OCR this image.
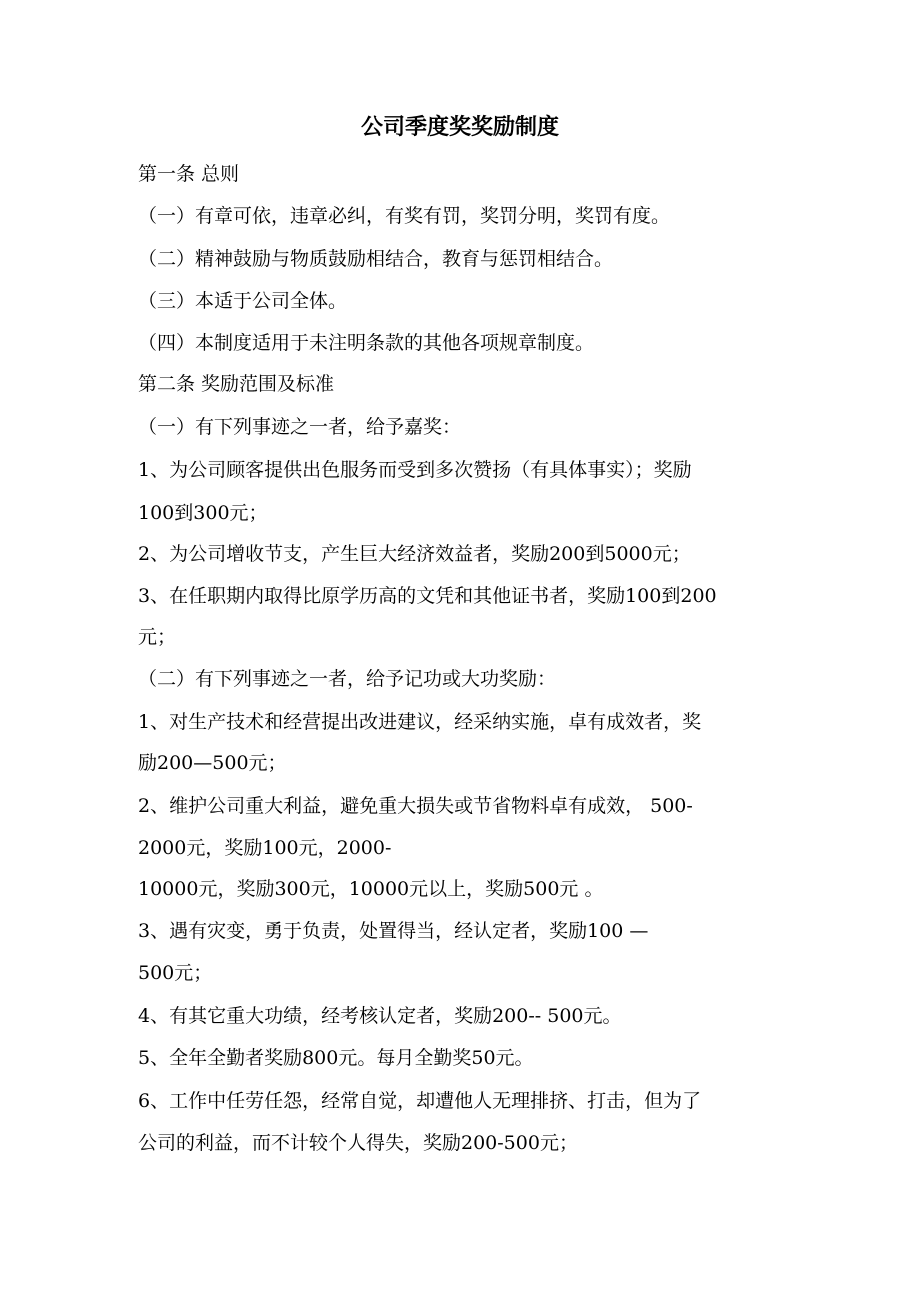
公司季度奖奖励制度
第一条 总则
（一）有章可依，违章必纠，有奖有罚，奖罚分明，奖罚有度。
（二）精神鼓励与物质鼓励相结合，教育与惩罚相结合。
（三）本适于公司全体。
（四）本制度适用于未注明条款的其他各项规章制度。
第二条 奖励范围及标准
（一）有下列事迹之一者，给予嘉奖：
1、为公司顾客提供出色服务而受到多次赞扬（有具体事实）；奖励
100到300元；
2、为公司增收节支，产生巨大经济效益者，奖励200到5000元；
3、在任职期内取得比原学历高的文凭和其他证书者，奖励100到200
元；
（二）有下列事迹之一者，给予记功或大功奖励：
1、对生产技术和经营提出改进建议，经采纳实施，卓有成效者，奖
励200—500元；
2、维护公司重大利益，避免重大损失或节省物料卓有成效， 500-
2000元，奖励100元，2000-
10000元，奖励300元，10000元以上，奖励500元 。
3、遇有灾变，勇于负责，处置得当，经认定者，奖励100 —
500元；
4、有其它重大功绩，经考核认定者，奖励200-- 500元。
5、全年全勤者奖励800元。每月全勤奖50元。
6、工作中任劳任怨，经常自觉，却遭他人无理排挤、打击，但为了
公司的利益，而不计较个人得失，奖励200-500元；
